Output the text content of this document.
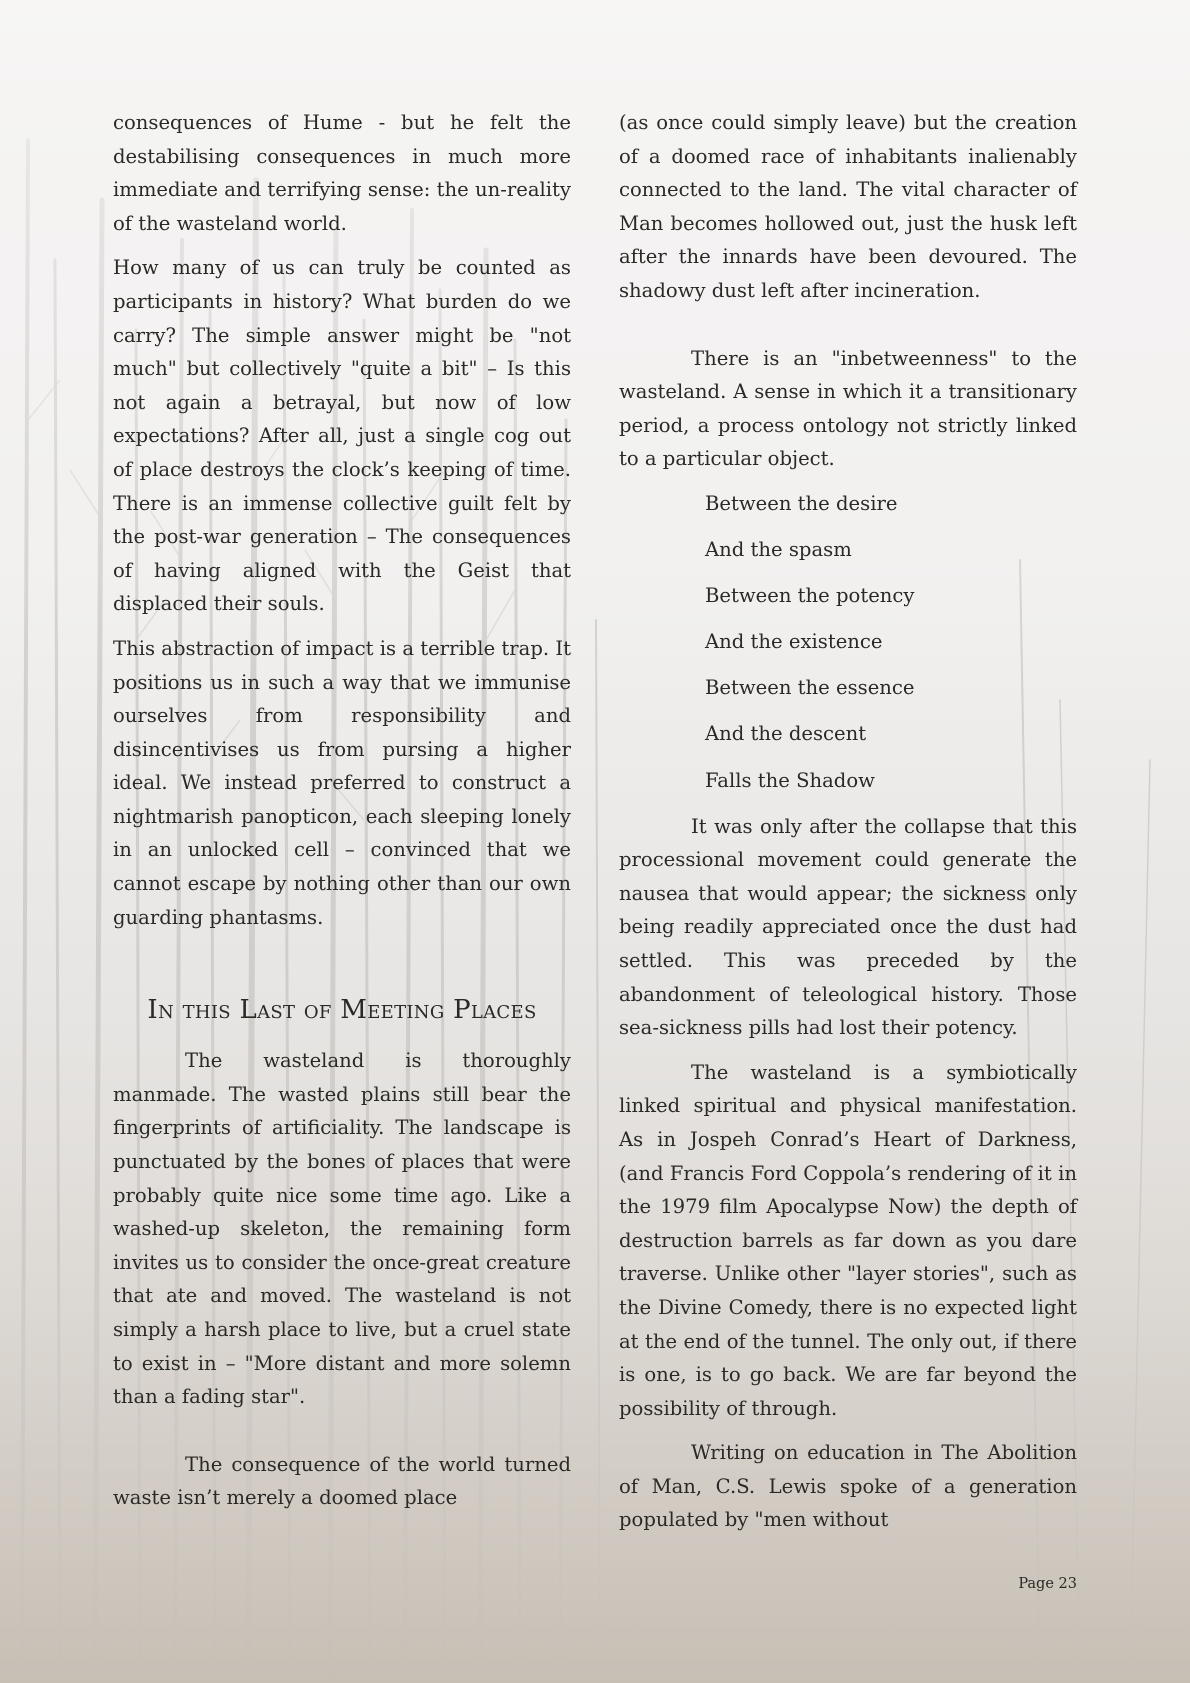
consequences of Hume - but he felt the destabilising consequences in much more immediate and terrifying sense: the un-reality of the wasteland world.

How many of us can truly be counted as participants in history? What burden do we carry? The simple answer might be "not much" but collectively "quite a bit" – Is this not again a betrayal, but now of low expectations? After all, just a single cog out of place destroys the clock’s keeping of time. There is an immense collective guilt felt by the post-war generation – The consequences of having aligned with the Geist that displaced their souls.

This abstraction of impact is a terrible trap. It positions us in such a way that we immunise ourselves from responsibility and disincentivises us from pursing a higher ideal. We instead preferred to construct a nightmarish panopticon, each sleeping lonely in an unlocked cell – convinced that we cannot escape by nothing other than our own guarding phantasms.

In this Last of Meeting Places

The wasteland is thoroughly manmade. The wasted plains still bear the fingerprints of artificiality. The landscape is punctuated by the bones of places that were probably quite nice some time ago. Like a washed-up skeleton, the remaining form invites us to consider the once-great creature that ate and moved. The wasteland is not simply a harsh place to live, but a cruel state to exist in – "More distant and more solemn than a fading star".

The consequence of the world turned waste isn’t merely a doomed place

(as once could simply leave) but the creation of a doomed race of inhabitants inalienably connected to the land. The vital character of Man becomes hollowed out, just the husk left after the innards have been devoured. The shadowy dust left after incineration.

There is an "inbetweenness" to the wasteland. A sense in which it a transitionary period, a process ontology not strictly linked to a particular object.

Between the desire
And the spasm
Between the potency
And the existence
Between the essence
And the descent
Falls the Shadow

It was only after the collapse that this processional movement could generate the nausea that would appear; the sickness only being readily appreciated once the dust had settled. This was preceded by the abandonment of teleological history. Those sea-sickness pills had lost their potency.

The wasteland is a symbiotically linked spiritual and physical manifestation. As in Jospeh Conrad’s Heart of Darkness, (and Francis Ford Coppola’s rendering of it in the 1979 film Apocalypse Now) the depth of destruction barrels as far down as you dare traverse. Unlike other "layer stories", such as the Divine Comedy, there is no expected light at the end of the tunnel. The only out, if there is one, is to go back. We are far beyond the possibility of through.

Writing on education in The Abolition of Man, C.S. Lewis spoke of a generation populated by "men without

Page 23
